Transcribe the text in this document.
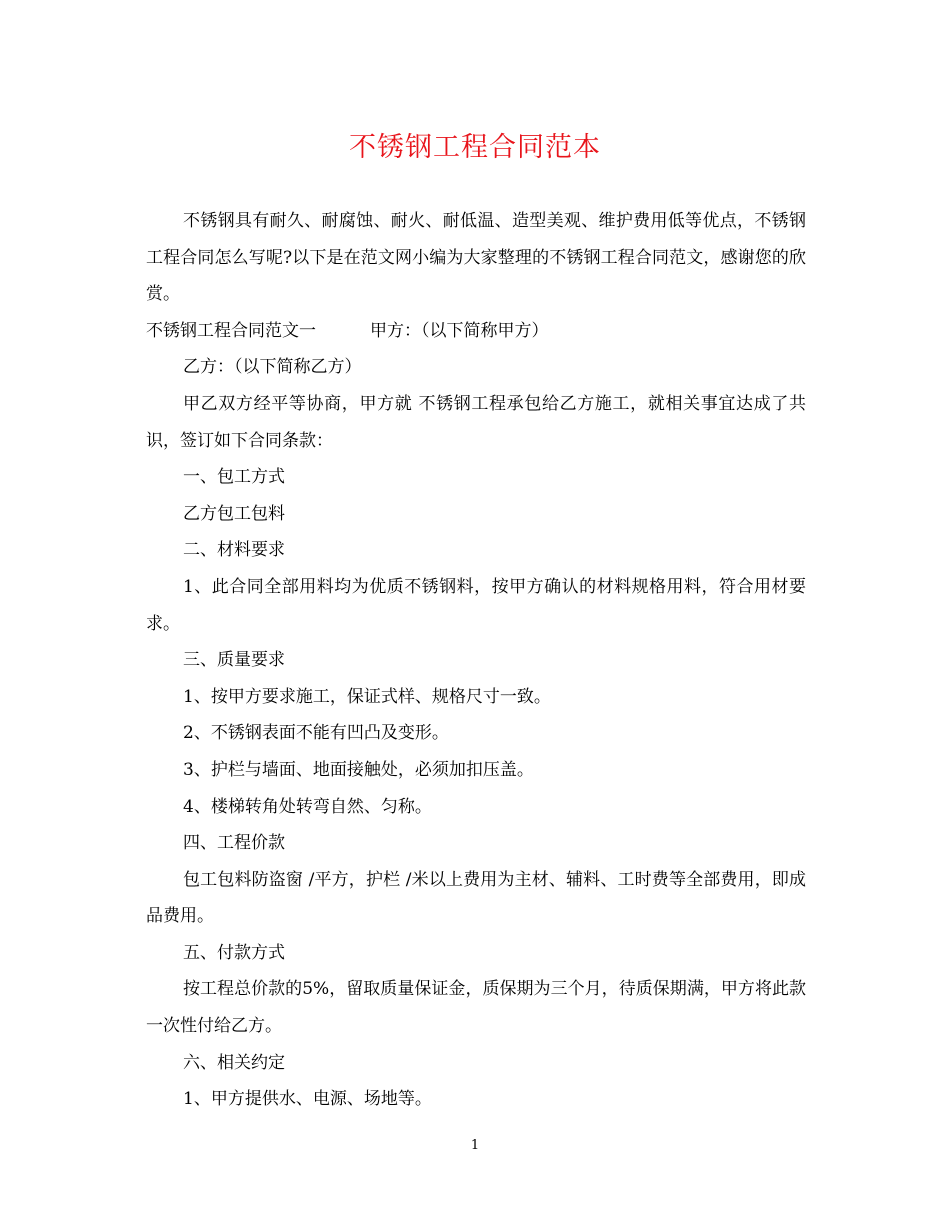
不锈钢工程合同范本

不锈钢具有耐久、耐腐蚀、耐火、耐低温、造型美观、维护费用低等优点，不锈钢工程合同怎么写呢?以下是在范文网小编为大家整理的不锈钢工程合同范文，感谢您的欣赏。

不锈钢工程合同范文一	甲方：（以下简称甲方）

乙方：（以下简称乙方）

甲乙双方经平等协商，甲方就 不锈钢工程承包给乙方施工，就相关事宜达成了共识，签订如下合同条款：

一、包工方式

乙方包工包料

二、材料要求

1、此合同全部用料均为优质不锈钢料，按甲方确认的材料规格用料，符合用材要求。

三、质量要求

1、按甲方要求施工，保证式样、规格尺寸一致。

2、不锈钢表面不能有凹凸及变形。

3、护栏与墙面、地面接触处，必须加扣压盖。

4、楼梯转角处转弯自然、匀称。

四、工程价款

包工包料防盗窗 /平方，护栏 /米以上费用为主材、辅料、工时费等全部费用，即成品费用。

五、付款方式

按工程总价款的5%，留取质量保证金，质保期为三个月，待质保期满，甲方将此款一次性付给乙方。

六、相关约定

1、甲方提供水、电源、场地等。

1
